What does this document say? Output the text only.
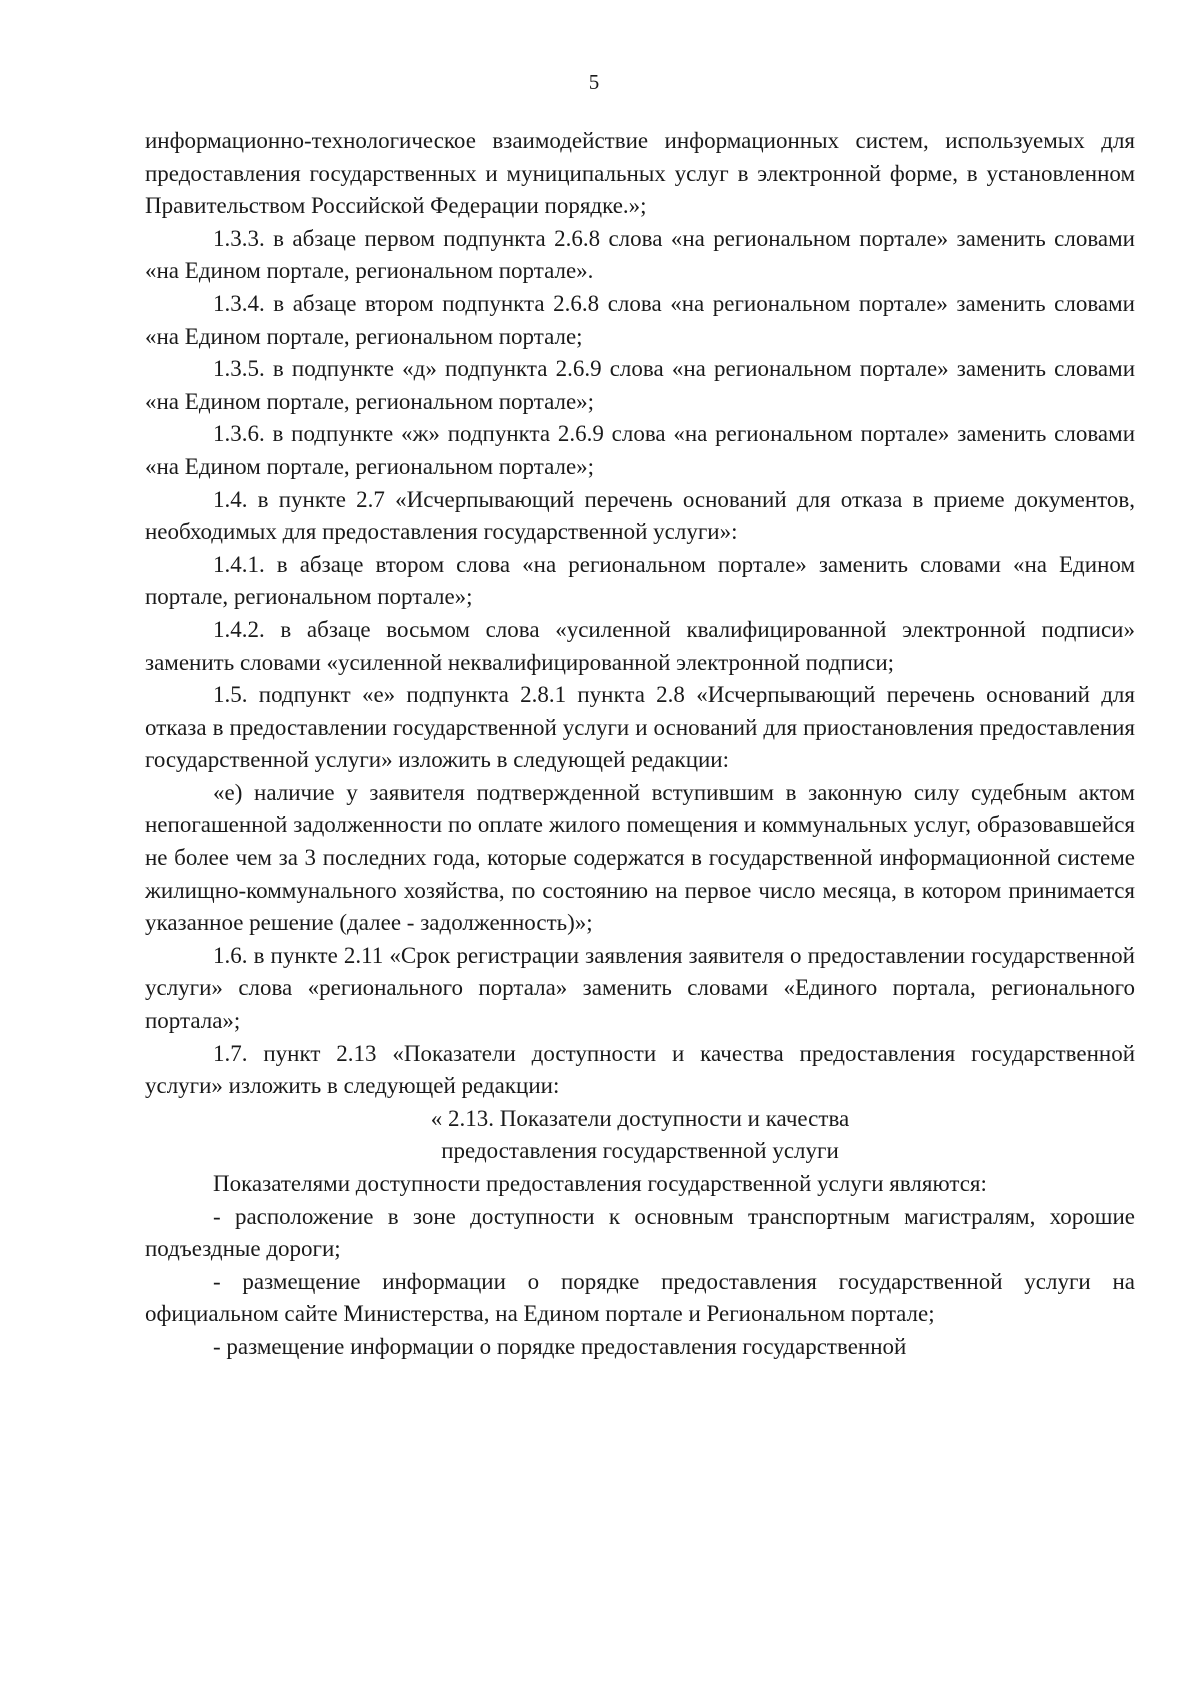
5

информационно-технологическое взаимодействие информационных систем, используемых для предоставления государственных и муниципальных услуг в электронной форме, в установленном Правительством Российской Федерации порядке.»;

1.3.3. в абзаце первом подпункта 2.6.8 слова «на региональном портале» заменить словами «на Едином портале, региональном портале».

1.3.4. в абзаце втором подпункта 2.6.8 слова «на региональном портале» заменить словами «на Едином портале, региональном портале;

1.3.5. в подпункте «д» подпункта 2.6.9 слова «на региональном портале» заменить словами «на Едином портале, региональном портале»;

1.3.6. в подпункте «ж» подпункта 2.6.9 слова «на региональном портале» заменить словами «на Едином портале, региональном портале»;

1.4. в пункте 2.7 «Исчерпывающий перечень оснований для отказа в приеме документов, необходимых для предоставления государственной услуги»:

1.4.1. в абзаце втором слова «на региональном портале» заменить словами «на Едином портале, региональном портале»;

1.4.2. в абзаце восьмом слова «усиленной квалифицированной электронной подписи» заменить словами «усиленной неквалифицированной электронной подписи;

1.5. подпункт «е» подпункта 2.8.1 пункта 2.8 «Исчерпывающий перечень оснований для отказа в предоставлении государственной услуги и оснований для приостановления предоставления государственной услуги» изложить в следующей редакции:

«е) наличие у заявителя подтвержденной вступившим в законную силу судебным актом непогашенной задолженности по оплате жилого помещения и коммунальных услуг, образовавшейся не более чем за 3 последних года, которые содержатся в государственной информационной системе жилищно-коммунального хозяйства, по состоянию на первое число месяца, в котором принимается указанное решение (далее - задолженность)»;

1.6. в пункте 2.11 «Срок регистрации заявления заявителя о предоставлении государственной услуги» слова «регионального портала» заменить словами «Единого портала, регионального портала»;

1.7. пункт 2.13 «Показатели доступности и качества предоставления государственной услуги» изложить в следующей редакции:

« 2.13. Показатели доступности и качества

предоставления государственной услуги

Показателями доступности предоставления государственной услуги являются:

- расположение в зоне доступности к основным транспортным магистралям, хорошие подъездные дороги;

- размещение информации о порядке предоставления государственной услуги на официальном сайте Министерства, на Едином портале и Региональном портале;

- размещение информации о порядке предоставления государственной
